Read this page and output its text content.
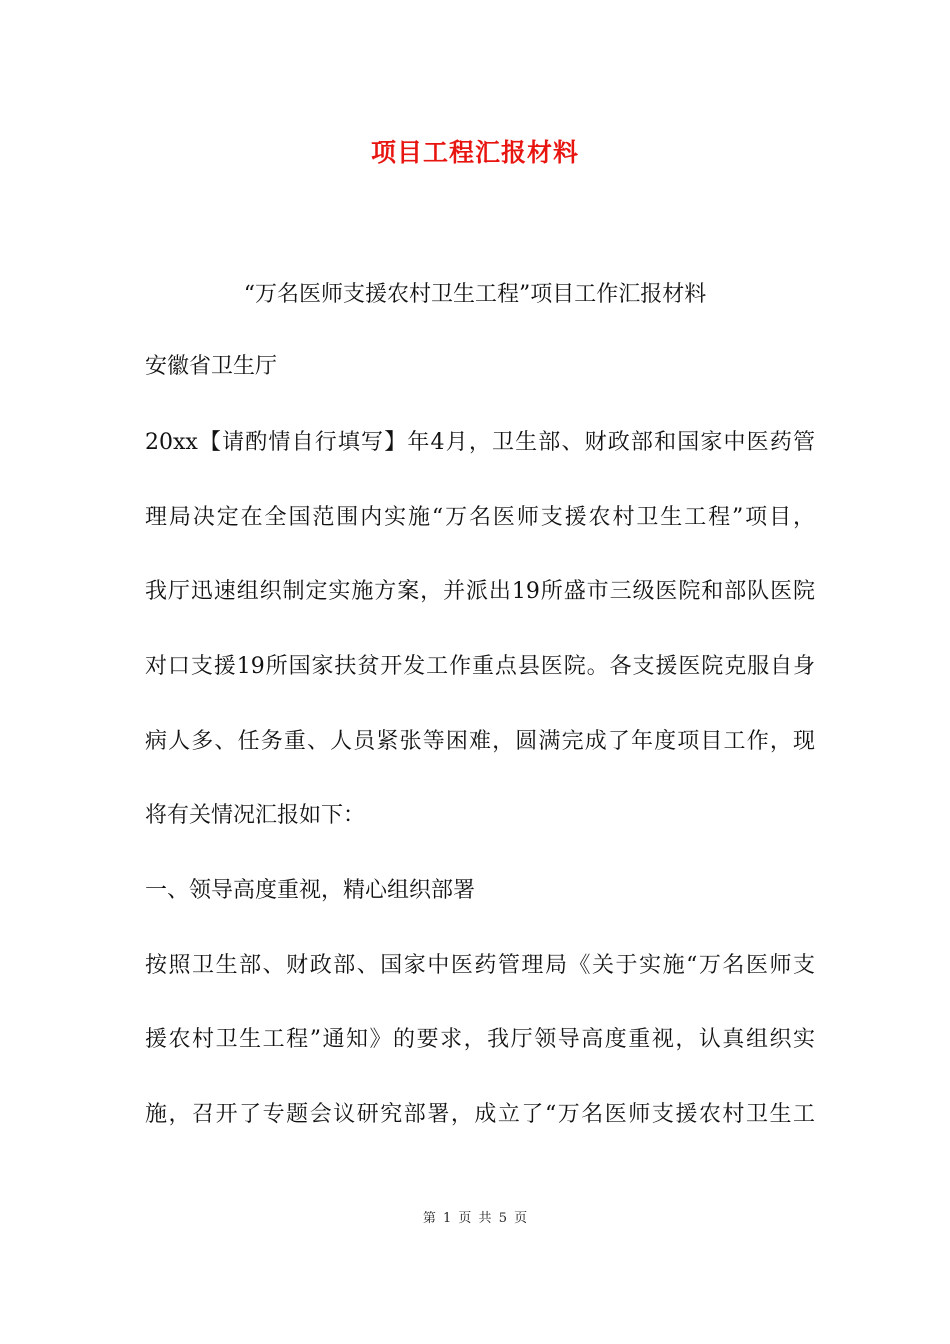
项目工程汇报材料
“万名医师支援农村卫生工程”项目工作汇报材料
安徽省卫生厅
20xx【请酌情自行填写】年4月，卫生部、财政部和国家中医药管
理局决定在全国范围内实施“万名医师支援农村卫生工程”项目，
我厅迅速组织制定实施方案，并派出19所盛市三级医院和部队医院
对口支援19所国家扶贫开发工作重点县医院。各支援医院克服自身
病人多、任务重、人员紧张等困难，圆满完成了年度项目工作，现
将有关情况汇报如下：
一、领导高度重视，精心组织部署
按照卫生部、财政部、国家中医药管理局《关于实施“万名医师支
援农村卫生工程”通知》的要求，我厅领导高度重视，认真组织实
施，召开了专题会议研究部署，成立了“万名医师支援农村卫生工
第 1 页 共 5 页
